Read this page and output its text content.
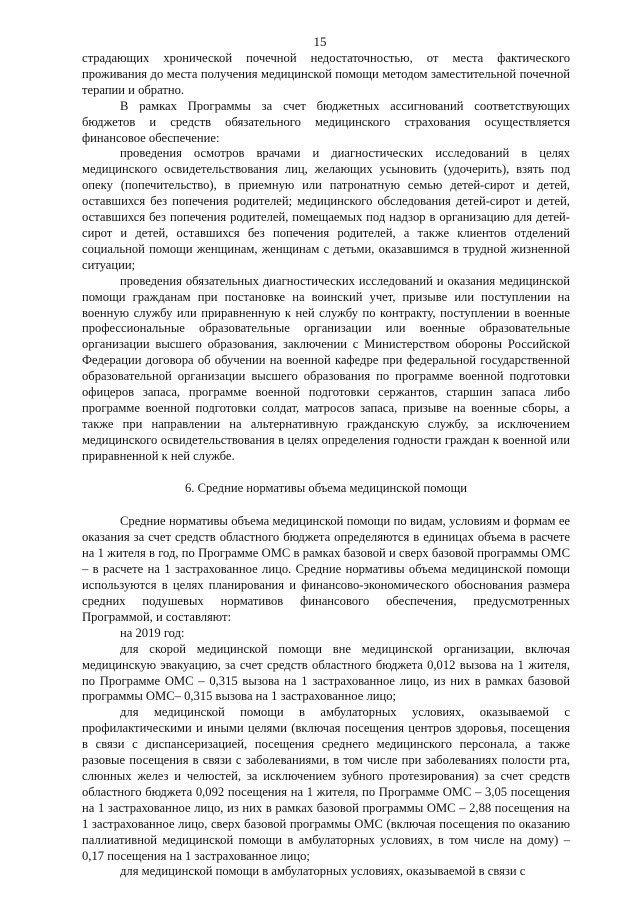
15

страдающих хронической почечной недостаточностью, от места фактического проживания до места получения медицинской помощи методом заместительной почечной терапии и обратно.

В рамках Программы за счет бюджетных ассигнований соответствующих бюджетов и средств обязательного медицинского страхования осуществляется финансовое обеспечение:

проведения осмотров врачами и диагностических исследований в целях медицинского освидетельствования лиц, желающих усыновить (удочерить), взять под опеку (попечительство), в приемную или патронатную семью детей-сирот и детей, оставшихся без попечения родителей; медицинского обследования детей-сирот и детей, оставшихся без попечения родителей, помещаемых под надзор в организацию для детей-сирот и детей, оставшихся без попечения родителей, а также клиентов отделений социальной помощи женщинам, женщинам с детьми, оказавшимся в трудной жизненной ситуации;

проведения обязательных диагностических исследований и оказания медицинской помощи гражданам при постановке на воинский учет, призыве или поступлении на военную службу или приравненную к ней службу по контракту, поступлении в военные профессиональные образовательные организации или военные образовательные организации высшего образования, заключении с Министерством обороны Российской Федерации договора об обучении на военной кафедре при федеральной государственной образовательной организации высшего образования по программе военной подготовки офицеров запаса, программе военной подготовки сержантов, старшин запаса либо программе военной подготовки солдат, матросов запаса, призыве на военные сборы, а также при направлении на альтернативную гражданскую службу, за исключением медицинского освидетельствования в целях определения годности граждан к военной или приравненной к ней службе.

6. Средние нормативы объема медицинской помощи

Средние нормативы объема медицинской помощи по видам, условиям и формам ее оказания за счет средств областного бюджета определяются в единицах объема в расчете на 1 жителя в год, по Программе ОМС в рамках базовой и сверх базовой программы ОМС – в расчете на 1 застрахованное лицо. Средние нормативы объема медицинской помощи используются в целях планирования и финансово-экономического обоснования размера средних подушевых нормативов финансового обеспечения, предусмотренных Программой, и составляют:

на 2019 год:

для скорой медицинской помощи вне медицинской организации, включая медицинскую эвакуацию, за счет средств областного бюджета 0,012 вызова на 1 жителя, по Программе ОМС – 0,315 вызова на 1 застрахованное лицо, из них в рамках базовой программы ОМС– 0,315 вызова на 1 застрахованное лицо;

для медицинской помощи в амбулаторных условиях, оказываемой с профилактическими и иными целями (включая посещения центров здоровья, посещения в связи с диспансеризацией, посещения среднего медицинского персонала, а также разовые посещения в связи с заболеваниями, в том числе при заболеваниях полости рта, слюнных желез и челюстей, за исключением зубного протезирования) за счет средств областного бюджета 0,092 посещения на 1 жителя, по Программе ОМС – 3,05 посещения на 1 застрахованное лицо, из них в рамках базовой программы ОМС – 2,88 посещения на 1 застрахованное лицо, сверх базовой программы ОМС (включая посещения по оказанию паллиативной медицинской помощи в амбулаторных условиях, в том числе на дому) – 0,17 посещения на 1 застрахованное лицо;

для медицинской помощи в амбулаторных условиях, оказываемой в связи с
